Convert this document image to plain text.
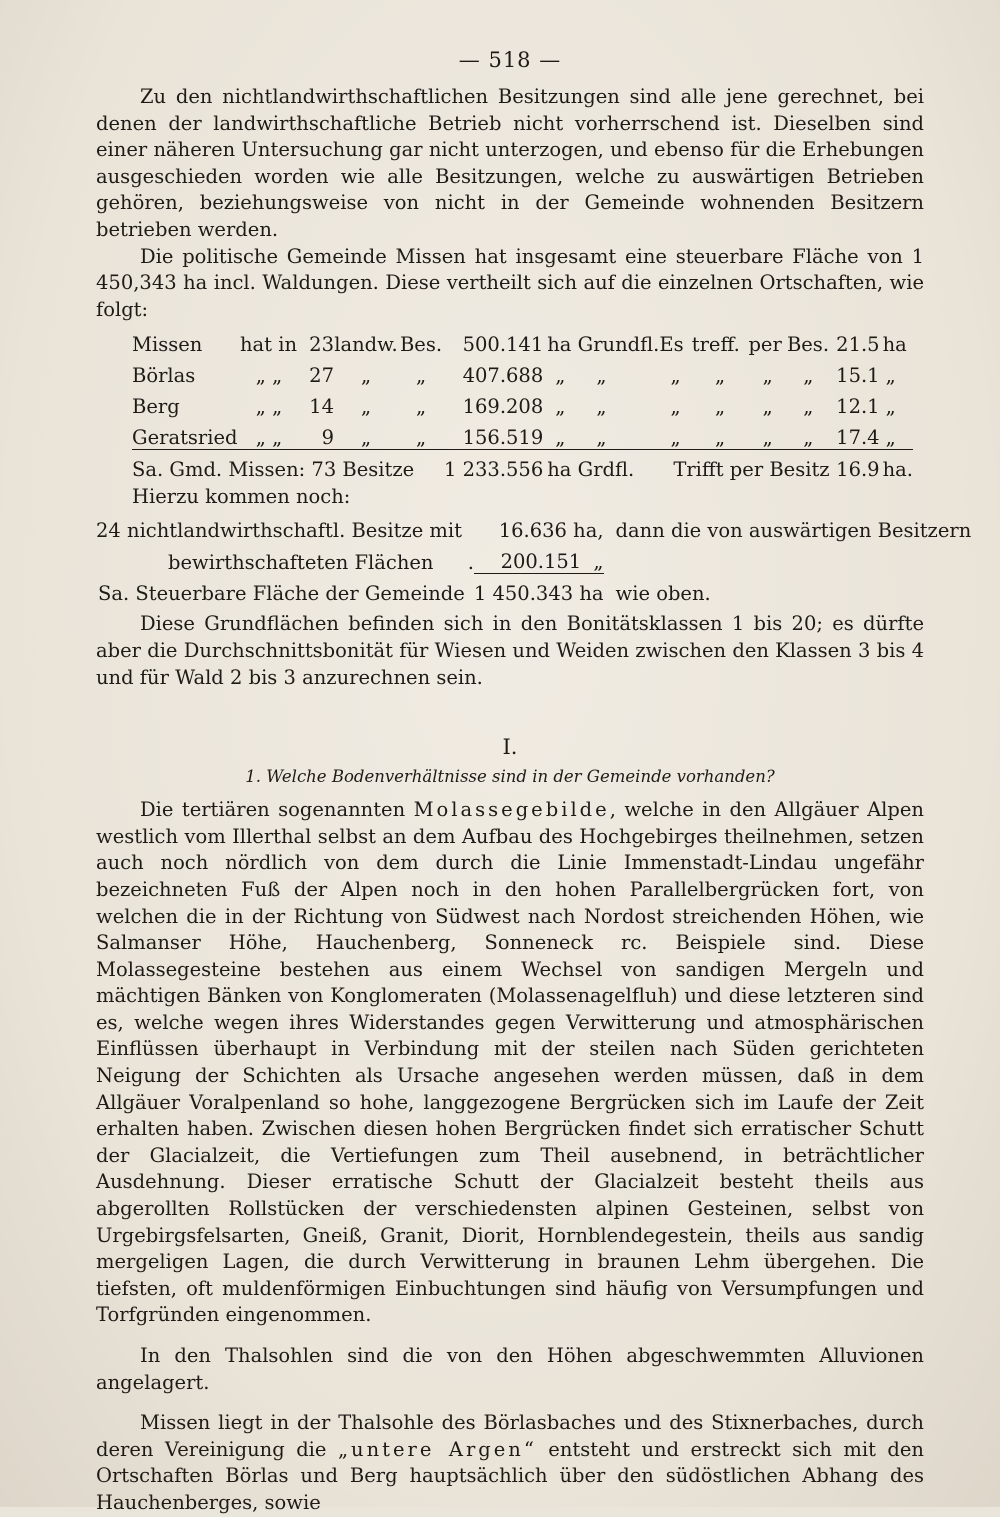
— 518 —

Zu den nichtlandwirthschaftlichen Besitzungen sind alle jene gerechnet, bei denen der landwirthschaftliche Betrieb nicht vorherrschend ist. Dieselben sind einer näheren Untersuchung gar nicht unterzogen, und ebenso für die Erhebungen ausgeschieden worden wie alle Besitzungen, welche zu auswärtigen Betrieben gehören, beziehungsweise von nicht in der Gemeinde wohnenden Besitzern betrieben werden.

Die politische Gemeinde Missen hat insgesamt eine steuerbare Fläche von 1 450,343 ha incl. Waldungen. Diese vertheilt sich auf die einzelnen Ortschaften, wie folgt:

Missen	hat in	23	landw.	Bes.	500.141	ha Grundfl.	Es	treff.	per	Bes.	21.5	ha
Börlas	„ „	27	„	„	407.688	„     „	„	„	„	„	15.1	„
Berg	„ „	14	„	„	169.208	„     „	„	„	„	„	12.1	„
Geratsried	„ „	9	„	„	156.519	„     „	„	„	„	„	17.4	„
Sa. Gmd. Missen: 73 Besitze					1 233.556	ha Grdfl.	Trifft per Besitz				16.9	ha.
Hierzu kommen noch:
24 nichtlandwirthschaftl. Besitze mit	16.636 ha,	dann die von auswärtigen Besitzern
bewirthschafteten Flächen .	200.151 „	
Sa. Steuerbare Fläche der Gemeinde	1 450.343 ha	wie oben.

Diese Grundflächen befinden sich in den Bonitätsklassen 1 bis 20; es dürfte aber die Durchschnittsbonität für Wiesen und Weiden zwischen den Klassen 3 bis 4 und für Wald 2 bis 3 anzurechnen sein.

I.
1. Welche Bodenverhältnisse sind in der Gemeinde vorhanden?

Die tertiären sogenannten Molassegebilde, welche in den Allgäuer Alpen westlich vom Illerthal selbst an dem Aufbau des Hochgebirges theilnehmen, setzen auch noch nördlich von dem durch die Linie Immenstadt-Lindau ungefähr bezeichneten Fuß der Alpen noch in den hohen Parallelbergrücken fort, von welchen die in der Richtung von Südwest nach Nordost streichenden Höhen, wie Salmanser Höhe, Hauchenberg, Sonneneck rc. Beispiele sind. Diese Molassegesteine bestehen aus einem Wechsel von sandigen Mergeln und mächtigen Bänken von Konglomeraten (Molassenagelfluh) und diese letzteren sind es, welche wegen ihres Widerstandes gegen Verwitterung und atmosphärischen Einflüssen überhaupt in Verbindung mit der steilen nach Süden gerichteten Neigung der Schichten als Ursache angesehen werden müssen, daß in dem Allgäuer Voralpenland so hohe, langgezogene Bergrücken sich im Laufe der Zeit erhalten haben. Zwischen diesen hohen Bergrücken findet sich erratischer Schutt der Glacialzeit, die Vertiefungen zum Theil ausebnend, in beträchtlicher Ausdehnung. Dieser erratische Schutt der Glacialzeit besteht theils aus abgerollten Rollstücken der verschiedensten alpinen Gesteinen, selbst von Urgebirgsfelsarten, Gneiß, Granit, Diorit, Hornblendegestein, theils aus sandig mergeligen Lagen, die durch Verwitterung in braunen Lehm übergehen. Die tiefsten, oft muldenförmigen Einbuchtungen sind häufig von Versumpfungen und Torfgründen eingenommen.

In den Thalsohlen sind die von den Höhen abgeschwemmten Alluvionen angelagert.

Missen liegt in der Thalsohle des Börlasbaches und des Stixnerbaches, durch deren Vereinigung die „untere Argen“ entsteht und erstreckt sich mit den Ortschaften Börlas und Berg hauptsächlich über den südöstlichen Abhang des Hauchenberges, sowie
